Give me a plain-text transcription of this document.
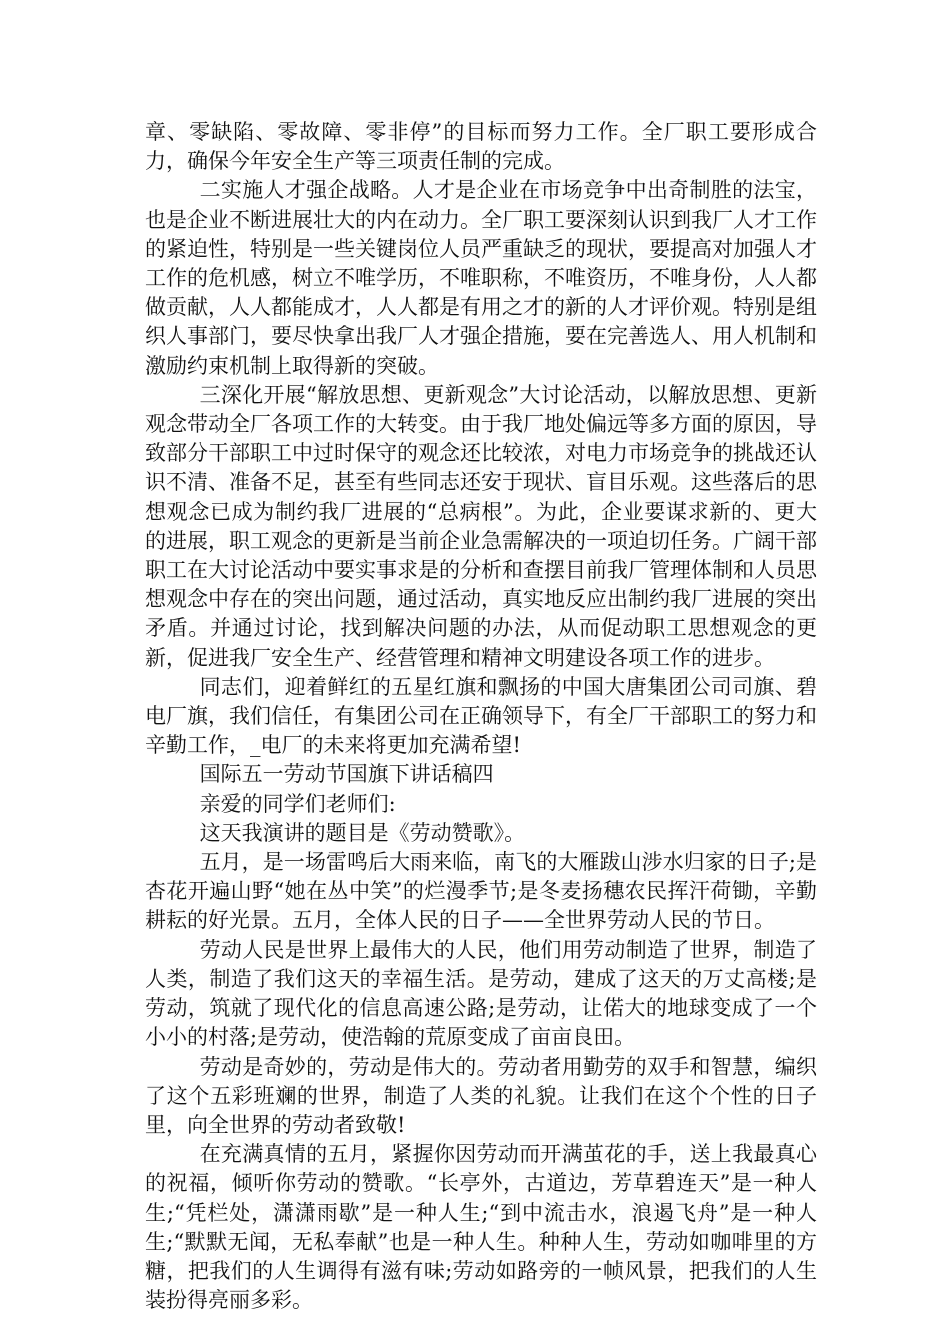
章、零缺陷、零故障、零非停”的目标而努力工作。全厂职工要形成合力，确保今年安全生产等三项责任制的完成。

二实施人才强企战略。人才是企业在市场竞争中出奇制胜的法宝，也是企业不断进展壮大的内在动力。全厂职工要深刻认识到我厂人才工作的紧迫性，特别是一些关键岗位人员严重缺乏的现状，要提高对加强人才工作的危机感，树立不唯学历，不唯职称，不唯资历，不唯身份，人人都做贡献，人人都能成才，人人都是有用之才的新的人才评价观。特别是组织人事部门，要尽快拿出我厂人才强企措施，要在完善选人、用人机制和激励约束机制上取得新的突破。

三深化开展“解放思想、更新观念”大讨论活动，以解放思想、更新观念带动全厂各项工作的大转变。由于我厂地处偏远等多方面的原因，导致部分干部职工中过时保守的观念还比较浓，对电力市场竞争的挑战还认识不清、准备不足，甚至有些同志还安于现状、盲目乐观。这些落后的思想观念已成为制约我厂进展的“总病根”。为此，企业要谋求新的、更大的进展，职工观念的更新是当前企业急需解决的一项迫切任务。广阔干部职工在大讨论活动中要实事求是的分析和查摆目前我厂管理体制和人员思想观念中存在的突出问题，通过活动，真实地反应出制约我厂进展的突出矛盾。并通过讨论，找到解决问题的办法，从而促动职工思想观念的更新，促进我厂安全生产、经营管理和精神文明建设各项工作的进步。

同志们，迎着鲜红的五星红旗和飘扬的中国大唐集团公司司旗、碧电厂旗，我们信任，有集团公司在正确领导下，有全厂干部职工的努力和辛勤工作，_电厂的未来将更加充满希望!

国际五一劳动节国旗下讲话稿四

亲爱的同学们老师们:

这天我演讲的题目是《劳动赞歌》。

五月，是一场雷鸣后大雨来临，南飞的大雁跋山涉水归家的日子;是杏花开遍山野“她在丛中笑”的烂漫季节;是冬麦扬穗农民挥汗荷锄，辛勤耕耘的好光景。五月，全体人民的日子——全世界劳动人民的节日。

劳动人民是世界上最伟大的人民，他们用劳动制造了世界，制造了人类，制造了我们这天的幸福生活。是劳动，建成了这天的万丈高楼;是劳动，筑就了现代化的信息高速公路;是劳动，让偌大的地球变成了一个小小的村落;是劳动，使浩翰的荒原变成了亩亩良田。

劳动是奇妙的，劳动是伟大的。劳动者用勤劳的双手和智慧，编织了这个五彩班斓的世界，制造了人类的礼貌。让我们在这个个性的日子里，向全世界的劳动者致敬!

在充满真情的五月，紧握你因劳动而开满茧花的手，送上我最真心的祝福，倾听你劳动的赞歌。“长亭外，古道边，芳草碧连天”是一种人生;“凭栏处，潇潇雨歇”是一种人生;“到中流击水，浪遏飞舟”是一种人生;“默默无闻，无私奉献”也是一种人生。种种人生，劳动如咖啡里的方糖，把我们的人生调得有滋有味;劳动如路旁的一帧风景，把我们的人生装扮得亮丽多彩。
